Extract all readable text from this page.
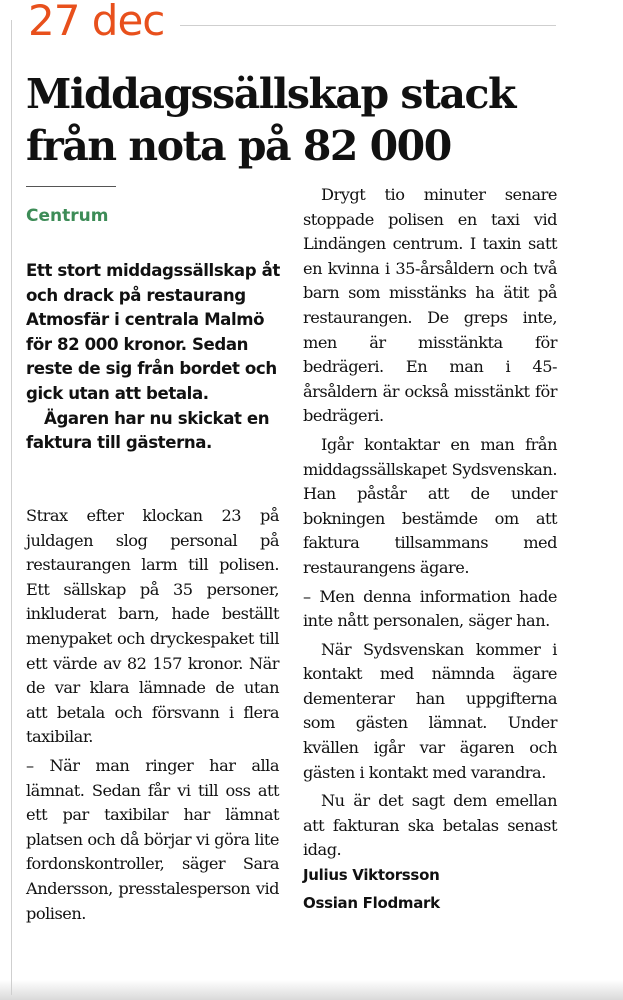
27 dec
Middagssällskap stack från nota på 82 000
Centrum

Ett stort middagssällskap åt och drack på restaurang Atmosfär i centrala Malmö för 82 000 kronor. Sedan reste de sig från bordet och gick utan att betala.

Ägaren har nu skickat en faktura till gästerna.

Strax efter klockan 23 på juldagen slog personal på restaurangen larm till polisen. Ett sällskap på 35 personer, inkluderat barn, hade beställt menypaket och dryckespaket till ett värde av 82 157 kronor. När de var klara lämnade de utan att betala och försvann i flera taxibilar.

– När man ringer har alla lämnat. Sedan får vi till oss att ett par taxibilar har lämnat platsen och då börjar vi göra lite fordonskontroller, säger Sara Andersson, presstalesperson vid polisen.

Drygt tio minuter senare stoppade polisen en taxi vid Lindängen centrum. I taxin satt en kvinna i 35-årsåldern och två barn som misstänks ha ätit på restaurangen. De greps inte, men är misstänkta för bedrägeri. En man i 45-årsåldern är också misstänkt för bedrägeri.

Igår kontaktar en man från middagssällskapet Sydsvenskan. Han påstår att de under bokningen bestämde om att faktura tillsammans med restaurangens ägare.

– Men denna information hade inte nått personalen, säger han.

När Sydsvenskan kommer i kontakt med nämnda ägare dementerar han uppgifterna som gästen lämnat. Under kvällen igår var ägaren och gästen i kontakt med varandra.

Nu är det sagt dem emellan att fakturan ska betalas senast idag.

Julius Viktorsson

Ossian Flodmark
